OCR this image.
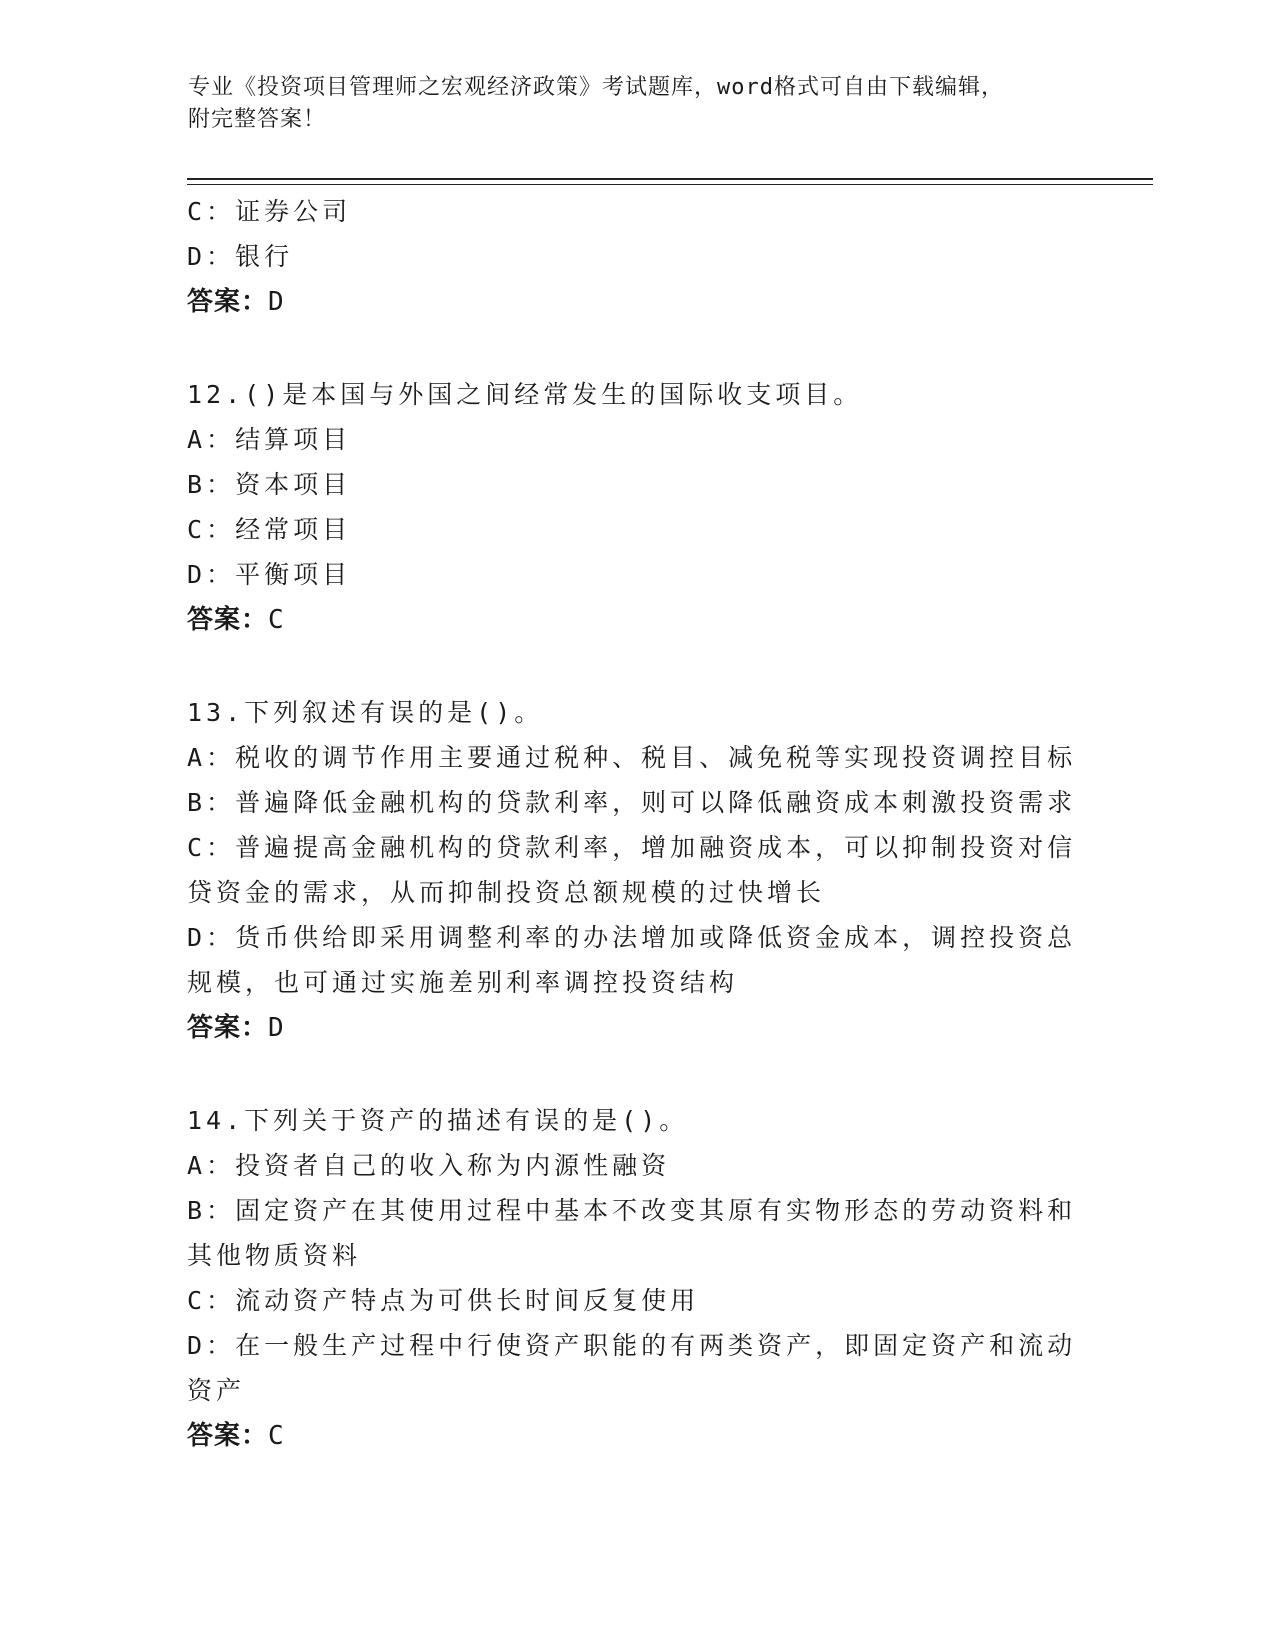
专业《投资项目管理师之宏观经济政策》考试题库，word格式可自由下载编辑，
附完整答案！
C：证券公司
D：银行
答案：D
12.()是本国与外国之间经常发生的国际收支项目。
A：结算项目
B：资本项目
C：经常项目
D：平衡项目
答案：C
13.下列叙述有误的是()。
A：税收的调节作用主要通过税种、税目、减免税等实现投资调控目标
B：普遍降低金融机构的贷款利率，则可以降低融资成本刺激投资需求
C：普遍提高金融机构的贷款利率，增加融资成本，可以抑制投资对信贷资金的需求，从而抑制投资总额规模的过快增长
D：货币供给即采用调整利率的办法增加或降低资金成本，调控投资总规模，也可通过实施差别利率调控投资结构
答案：D
14.下列关于资产的描述有误的是()。
A：投资者自己的收入称为内源性融资
B：固定资产在其使用过程中基本不改变其原有实物形态的劳动资料和其他物质资料
C：流动资产特点为可供长时间反复使用
D：在一般生产过程中行使资产职能的有两类资产，即固定资产和流动资产
答案：C
